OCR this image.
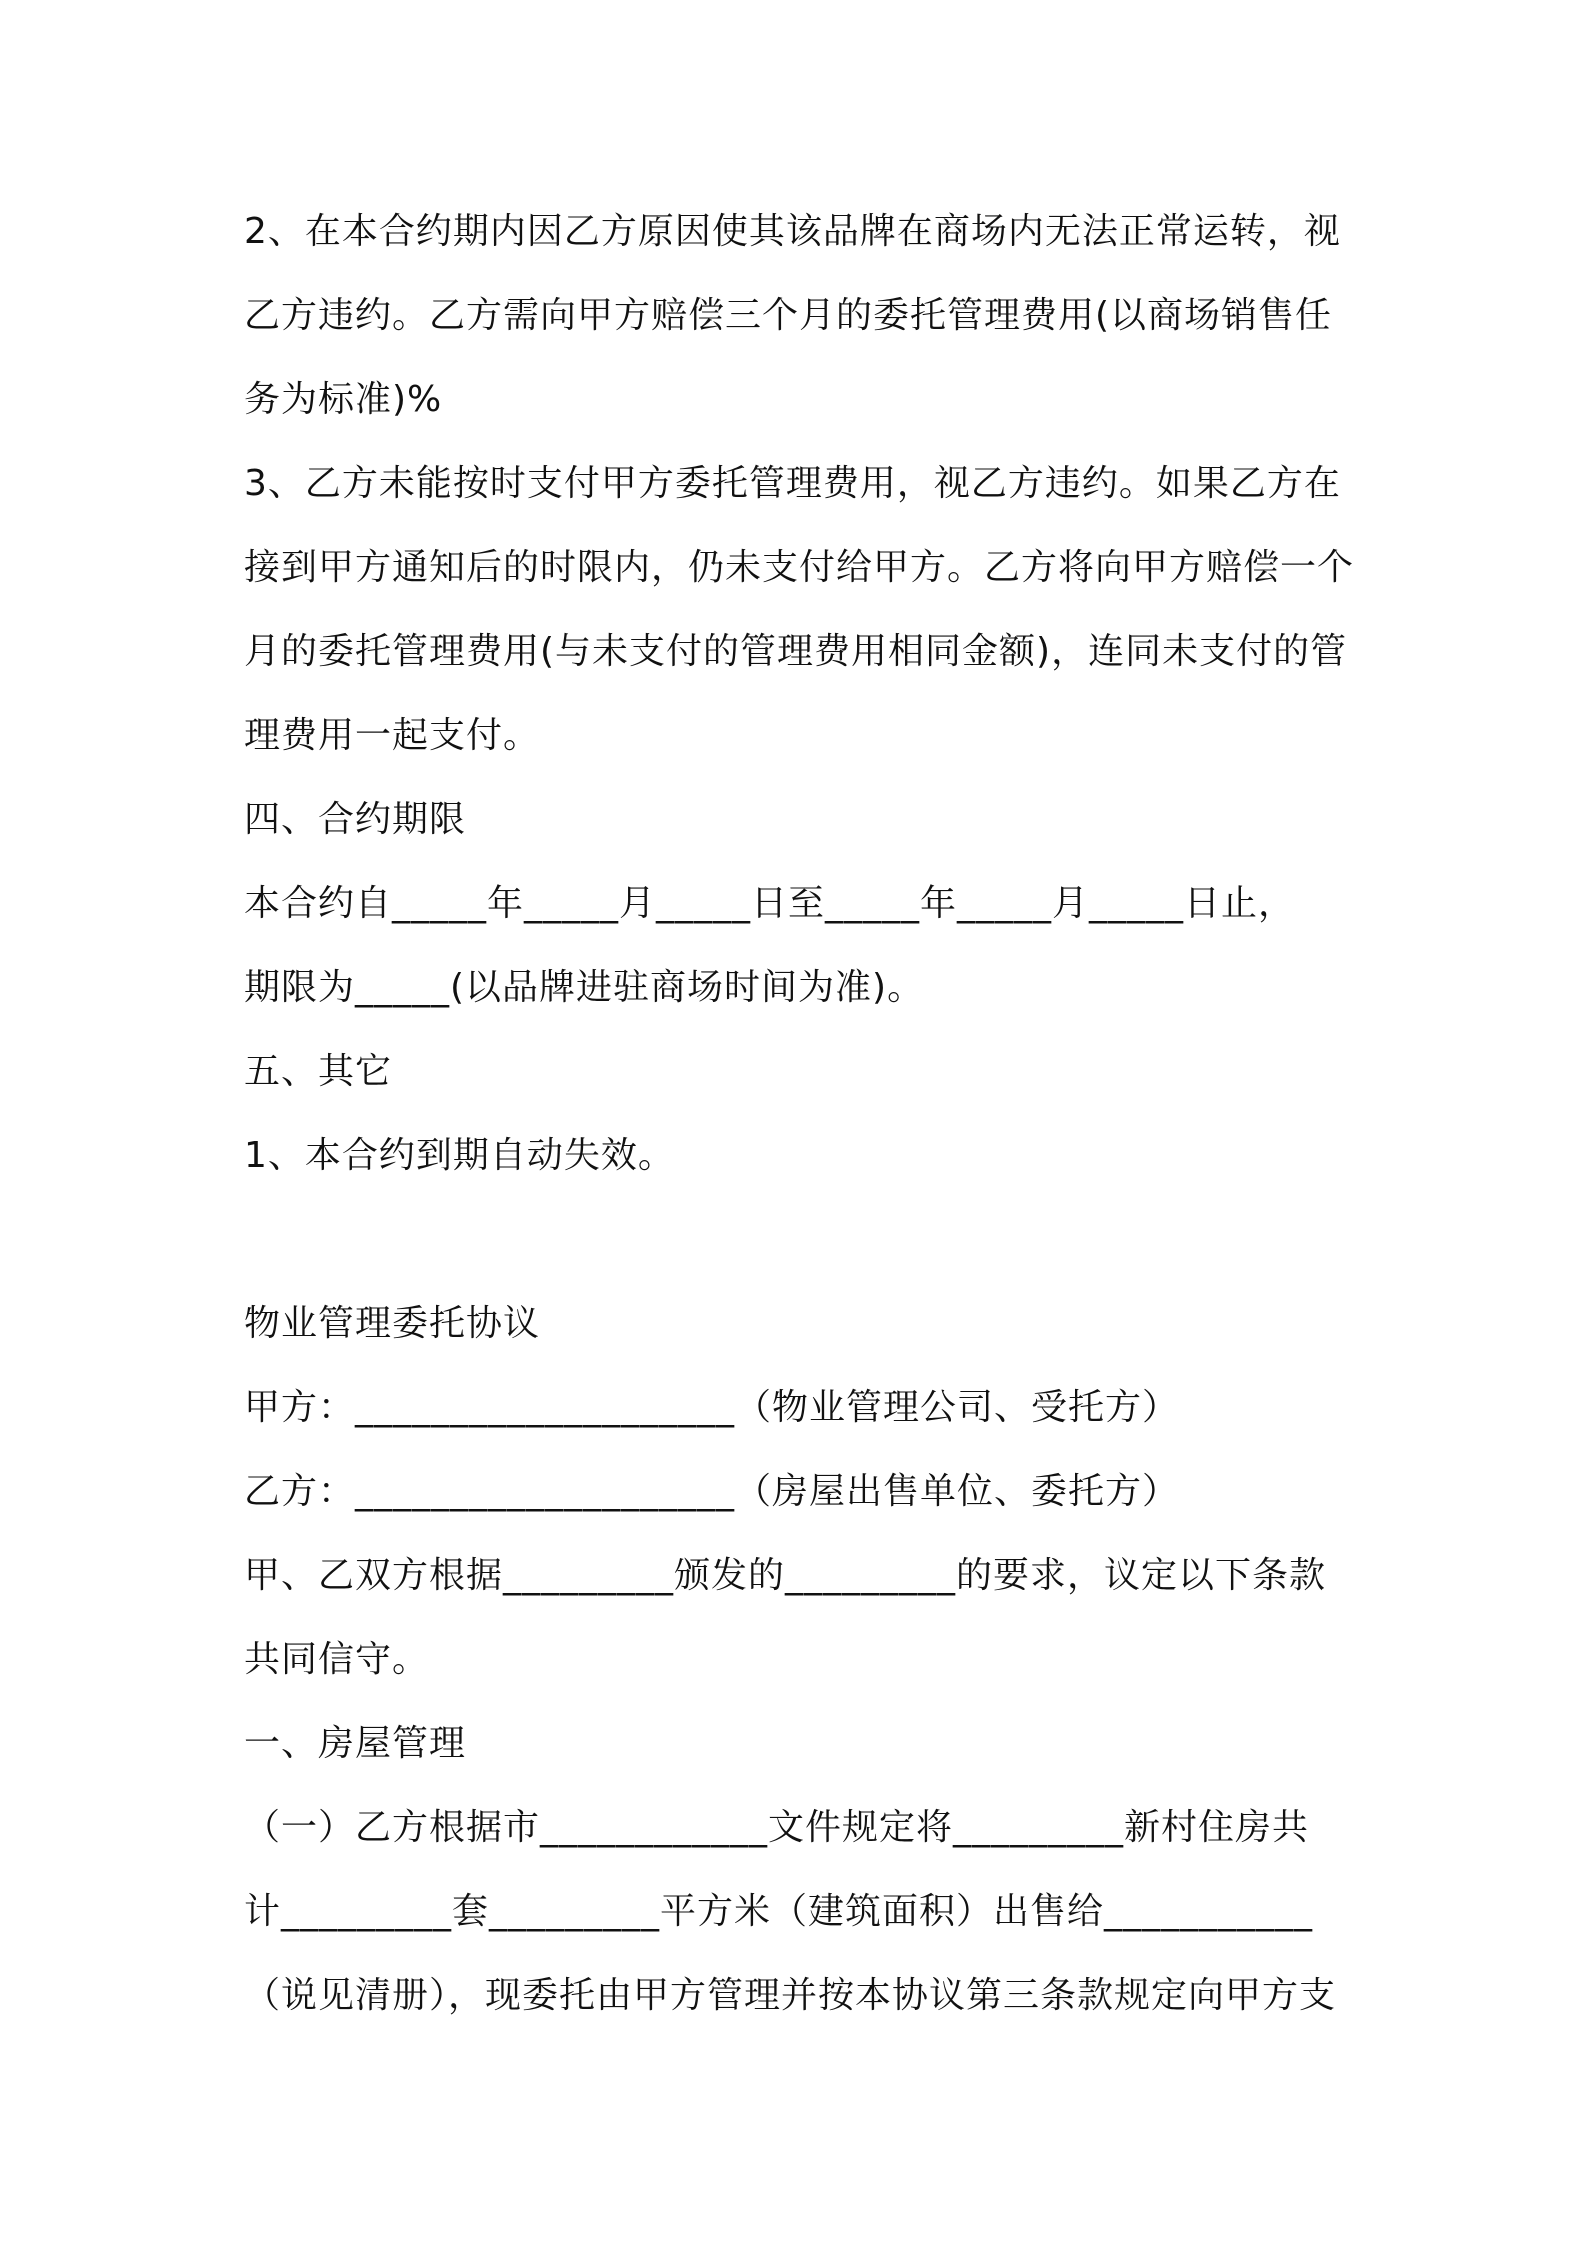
2、在本合约期内因乙方原因使其该品牌在商场内无法正常运转，视
乙方违约。乙方需向甲方赔偿三个月的委托管理费用(以商场销售任
务为标准)%
3、乙方未能按时支付甲方委托管理费用，视乙方违约。如果乙方在
接到甲方通知后的时限内，仍未支付给甲方。乙方将向甲方赔偿一个
月的委托管理费用(与未支付的管理费用相同金额)，连同未支付的管
理费用一起支付。
四、合约期限
本合约自_____年_____月_____日至_____年_____月_____日止，
期限为_____(以品牌进驻商场时间为准)。
五、其它
1、本合约到期自动失效。
物业管理委托协议
甲方：____________________（物业管理公司、受托方）
乙方：____________________（房屋出售单位、委托方）
甲、乙双方根据_________颁发的_________的要求，议定以下条款
共同信守。
一、房屋管理
（一）乙方根据市____________文件规定将_________新村住房共
计_________套_________平方米（建筑面积）出售给___________
（说见清册），现委托由甲方管理并按本协议第三条款规定向甲方支
